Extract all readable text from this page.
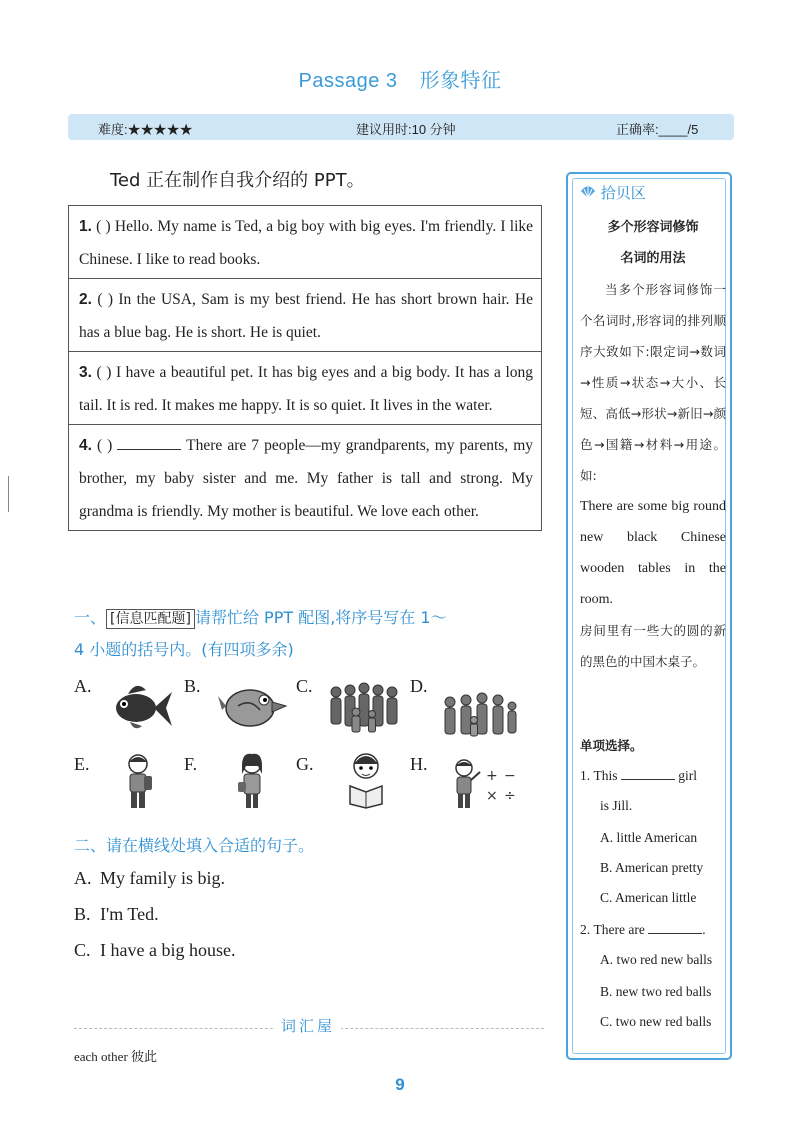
Passage 3 形象特征
难度:★★★★★	建议用时:10 分钟	正确率:____/5
Ted 正在制作自我介绍的 PPT。
1. ( ) Hello. My name is Ted, a big boy with big eyes. I'm friendly. I like Chinese. I like to read books.
2. ( ) In the USA, Sam is my best friend. He has short brown hair. He has a blue bag. He is short. He is quiet.
3. ( ) I have a beautiful pet. It has big eyes and a big body. It has a long tail. It is red. It makes me happy. It is so quiet. It lives in the water.
4. ( )	There are 7 people—my grandparents, my parents, my brother, my baby sister and me. My father is tall and strong. My grandma is friendly. My mother is beautiful. We love each other.
一、 [信息匹配题] 请帮忙给 PPT 配图,将序号写在 1～
4 小题的括号内。(有四项多余)
A.	B.	C.	D.
E.	F.	G.	H.
+ −
× ÷
二、请在横线处填入合适的句子。
A. My family is big.
B. I'm Ted.
C. I have a big house.
词汇屋
each other 彼此
9
拾贝区
多个形容词修饰
名词的用法
当多个形容词修饰一个名词时,形容词的排列顺序大致如下:限定词→数词→性质→状态→大小、长短、高低→形状→新旧→颜色→国籍→材料→用途。如:
There are some big round new black Chinese wooden tables in the room.
房间里有一些大的圆的新的黑色的中国木桌子。
单项选择。
1. This	girl
is Jill.
A. little American
B. American pretty
C. American little
2. There are	.
A. two red new balls
B. new two red balls
C. two new red balls
